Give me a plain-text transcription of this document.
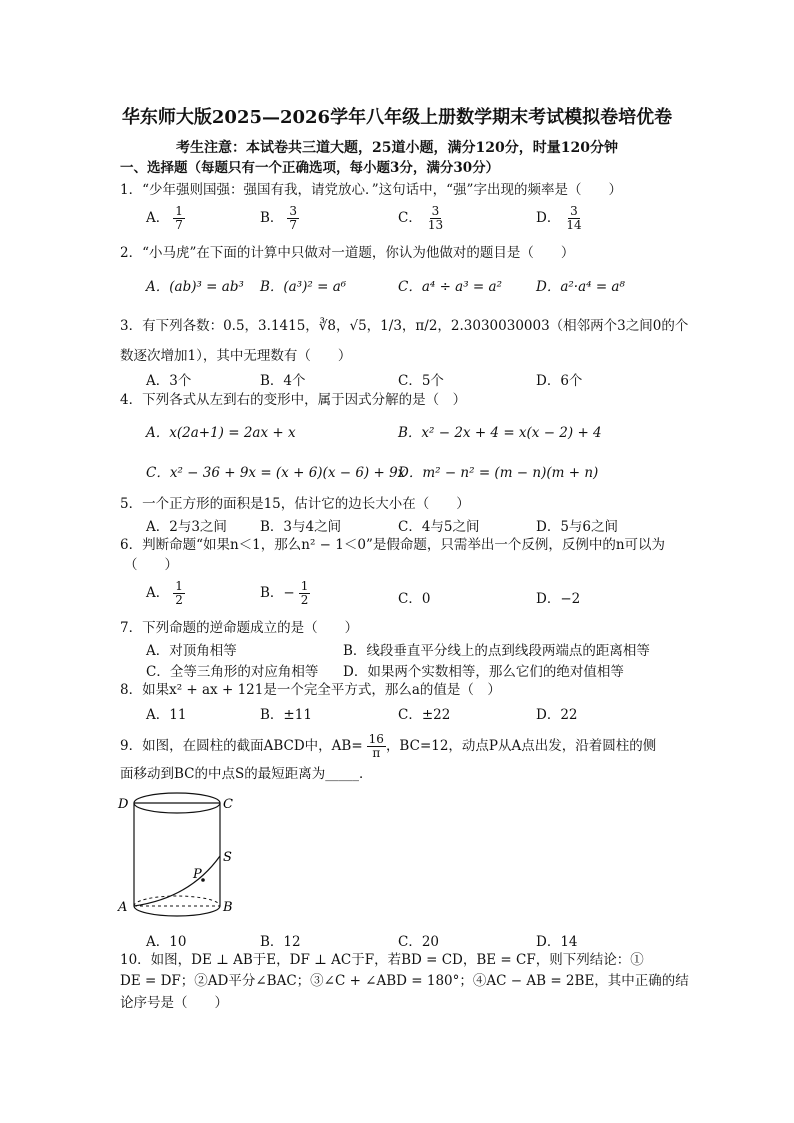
华东师大版2025—2026学年八年级上册数学期末考试模拟卷培优卷
考生注意：本试卷共三道大题，25道小题，满分120分，时量120分钟
一、选择题（每题只有一个正确选项，每小题3分，满分30分）
1．“少年强则国强：强国有我，请党放心．”这句话中，“强”字出现的频率是（　　）
A． $\frac{1}{7}$	B． $\frac{3}{7}$	C． $\frac{3}{13}$	D． $\frac{3}{14}$
2．“小马虎”在下面的计算中只做对一道题，你认为他做对的题目是（　　）
A．(ab)³ = ab³ B．(a³)² = a⁶	C．a⁴ ÷ a³ = a²	D．a²·a⁴ = a⁸
3．有下列各数：0.5，3.1415，∛8，√5，1/3，π/2，2.3030030003（相邻两个3之间0的个
数逐次增加1），其中无理数有（　　）
A．3个	B．4个	C．5个	D．6个
4．下列各式从左到右的变形中，属于因式分解的是（　）
A．x(2a+1) = 2ax + x	B．x² − 2x + 4 = x(x − 2) + 4
C．x² − 36 + 9x = (x + 6)(x − 6) + 9x
D．m² − n² = (m − n)(m + n)
5．一个正方形的面积是15，估计它的边长大小在（　　）
A．2与3之间 B．3与4之间	C．4与5之间	D．5与6之间
6．判断命题“如果n＜1，那么n² − 1＜0”是假命题，只需举出一个反例，反例中的n可以为
（　　）
A． $\frac{1}{2}$	B．− $\frac{1}{2}$	C．0	D．−2
7．下列命题的逆命题成立的是（　　）
A．对顶角相等	B．线段垂直平分线上的点到线段两端点的距离相等
C．全等三角形的对应角相等 D．如果两个实数相等，那么它们的绝对值相等
8．如果x² + ax + 121是一个完全平方式，那么a的值是（　）
A．11	B．±11	C．±22	D．22
9．如图，在圆柱的截面ABCD中，$AB= \frac{16}{\pi}$ ，BC=12，动点P从A点出发，沿着圆柱的侧
面移动到BC的中点S的最短距离为_____．
D	C
S
P
A	B
A．10	B．12	C．20	D．14
10．如图，DE ⊥ AB于E，DF ⊥ AC于F，若BD = CD，BE = CF，则下列结论：①
DE = DF；②AD平分∠BAC；③∠C + ∠ABD = 180°；④AC − AB = 2BE，其中正确的结
论序号是（　　）
